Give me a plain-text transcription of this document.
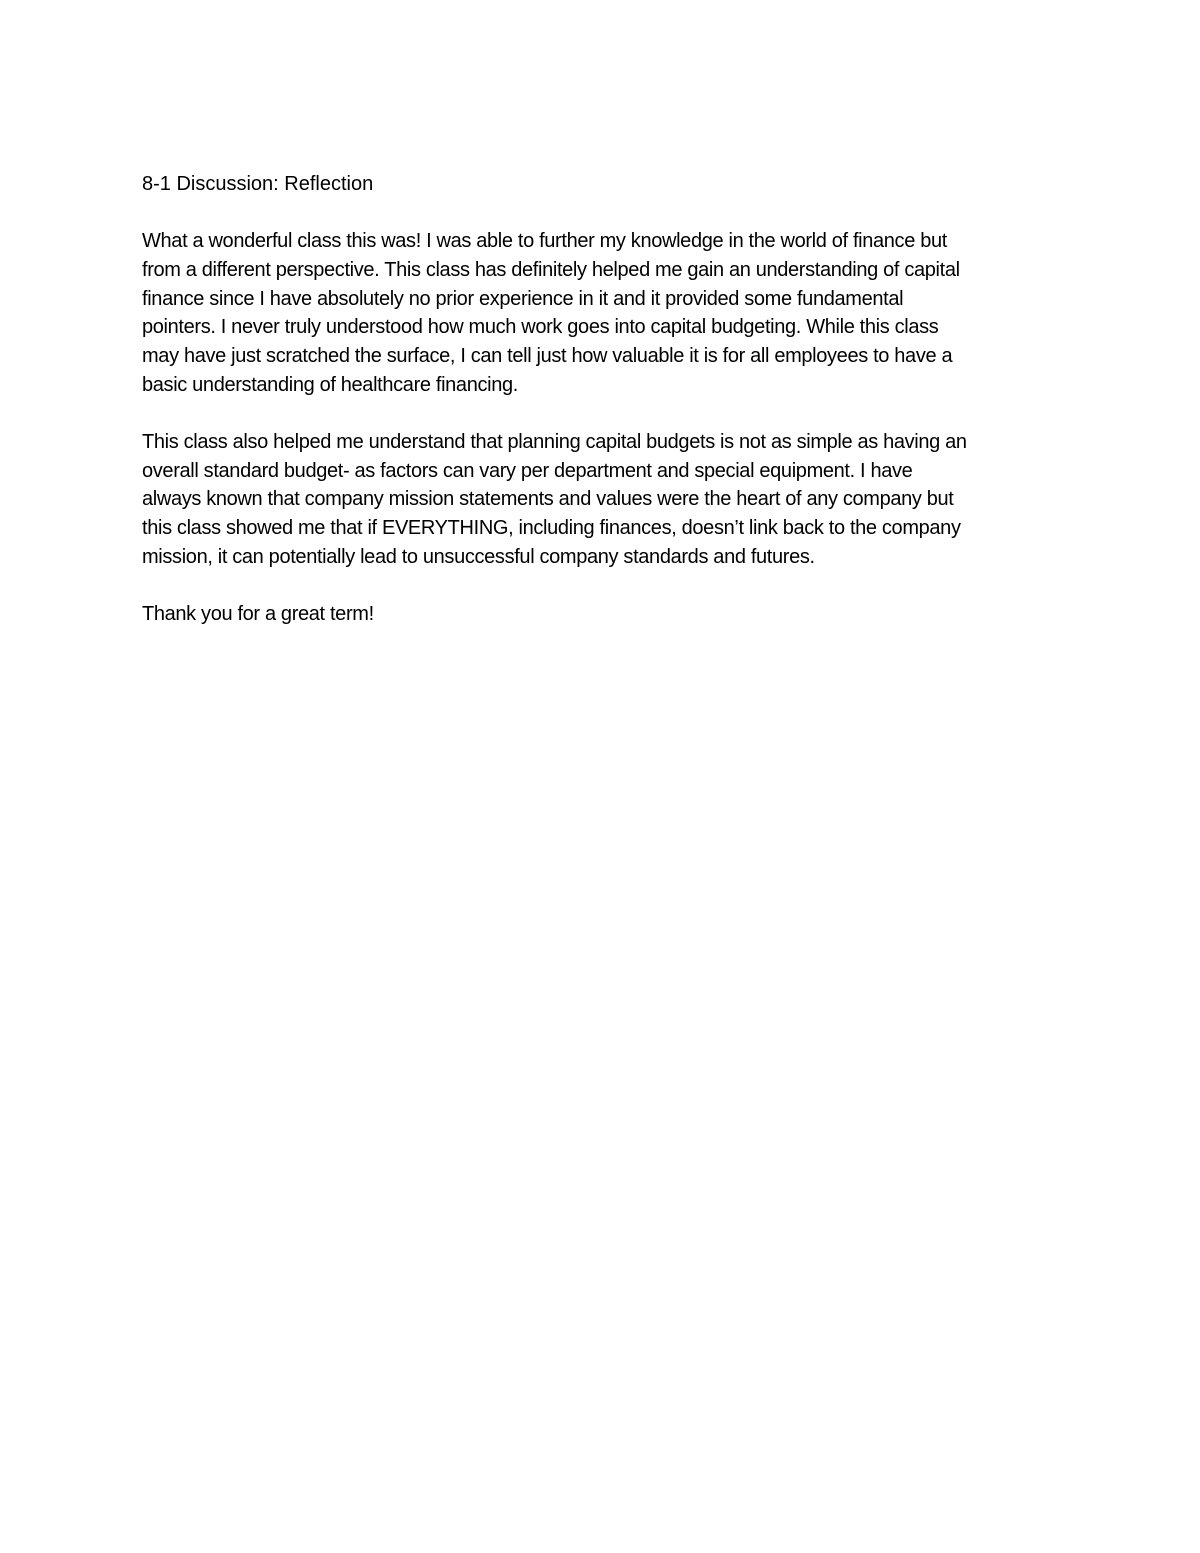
8-1 Discussion: Reflection

What a wonderful class this was! I was able to further my knowledge in the world of finance but
from a different perspective. This class has definitely helped me gain an understanding of capital
finance since I have absolutely no prior experience in it and it provided some fundamental
pointers. I never truly understood how much work goes into capital budgeting. While this class
may have just scratched the surface, I can tell just how valuable it is for all employees to have a
basic understanding of healthcare financing.

This class also helped me understand that planning capital budgets is not as simple as having an
overall standard budget- as factors can vary per department and special equipment. I have
always known that company mission statements and values were the heart of any company but
this class showed me that if EVERYTHING, including finances, doesn’t link back to the company
mission, it can potentially lead to unsuccessful company standards and futures.

Thank you for a great term!
